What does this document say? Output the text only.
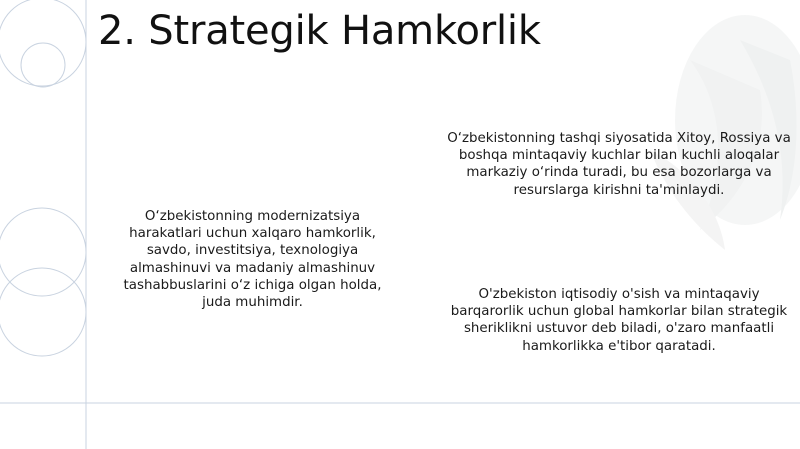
2. Strategik Hamkorlik
O‘zbekistonning modernizatsiya harakatlari uchun xalqaro hamkorlik, savdo, investitsiya, texnologiya almashinuvi va madaniy almashinuv tashabbuslarini o‘z ichiga olgan holda, juda muhimdir.
O‘zbekistonning tashqi siyosatida Xitoy, Rossiya va boshqa mintaqaviy kuchlar bilan kuchli aloqalar markaziy o‘rinda turadi, bu esa bozorlarga va resurslarga kirishni ta'minlaydi.
O'zbekiston iqtisodiy o'sish va mintaqaviy barqarorlik uchun global hamkorlar bilan strategik sheriklikni ustuvor deb biladi, o'zaro manfaatli hamkorlikka e'tibor qaratadi.
